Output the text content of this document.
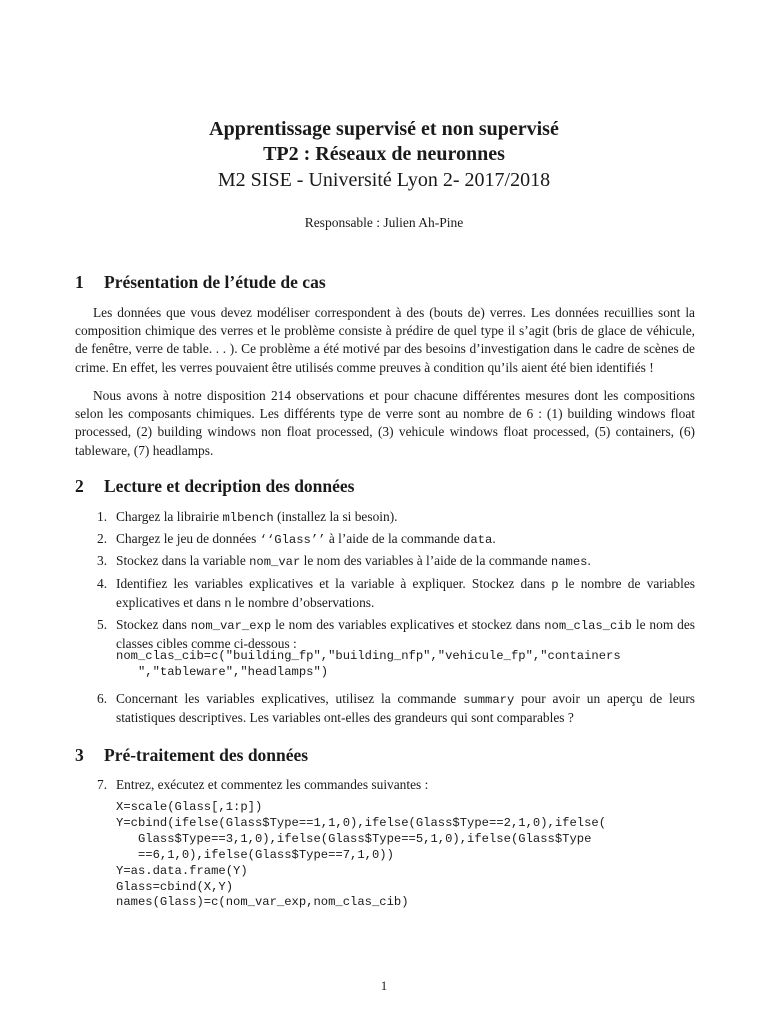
Apprentissage supervisé et non supervisé
TP2 : Réseaux de neuronnes
M2 SISE - Université Lyon 2- 2017/2018
Responsable : Julien Ah-Pine
1 Présentation de l’étude de cas
Les données que vous devez modéliser correspondent à des (bouts de) verres. Les données recuillies sont la composition chimique des verres et le problème consiste à prédire de quel type il s’agit (bris de glace de véhicule, de fenêtre, verre de table. . . ). Ce problème a été motivé par des besoins d’investigation dans le cadre de scènes de crime. En effet, les verres pouvaient être utilisés comme preuves à condition qu’ils aient été bien identifiés !
Nous avons à notre disposition 214 observations et pour chacune différentes mesures dont les compositions selon les composants chimiques. Les différents type de verre sont au nombre de 6 : (1) building windows float processed, (2) building windows non float processed, (3) vehicule windows float processed, (5) containers, (6) tableware, (7) headlamps.
2 Lecture et decription des données

1. Chargez la librairie mlbench (installez la si besoin).

2. Chargez le jeu de données ‘‘Glass’’ à l’aide de la commande data.

3. Stockez dans la variable nom_var le nom des variables à l’aide de la commande names.

4. Identifiez les variables explicatives et la variable à expliquer. Stockez dans p le nombre de variables explicatives et dans n le nombre d’observations.

5. Stockez dans nom_var_exp le nom des variables explicatives et stockez dans nom_clas_cib le nom des classes cibles comme ci-dessous :

nom_clas_cib=c("building_fp","building_nfp","vehicule_fp","containers
","tableware","headlamps")

6. Concernant les variables explicatives, utilisez la commande summary pour avoir un aperçu de leurs statistiques descriptives. Les variables ont-elles des grandeurs qui sont comparables ?

3 Pré-traitement des données

7. Entrez, exécutez et commentez les commandes suivantes :

X=scale(Glass[,1:p])
Y=cbind(ifelse(Glass$Type==1,1,0),ifelse(Glass$Type==2,1,0),ifelse(
Glass$Type==3,1,0),ifelse(Glass$Type==5,1,0),ifelse(Glass$Type
==6,1,0),ifelse(Glass$Type==7,1,0))
Y=as.data.frame(Y)
Glass=cbind(X,Y)
names(Glass)=c(nom_var_exp,nom_clas_cib)
1
